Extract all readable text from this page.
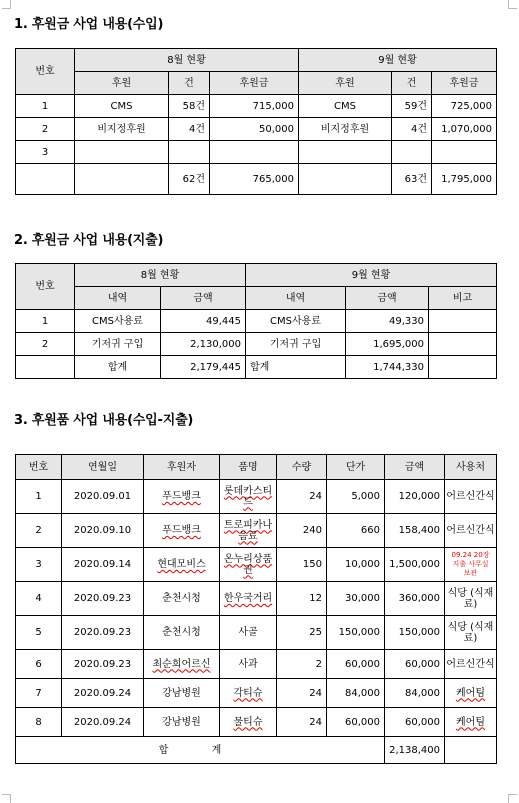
1. 후원금 사업 내용(수입)
번호	8월 현황			9월 현황		
	후원	건	후원금	후원	건	후원금
1	CMS	58건	715,000	CMS	59건	725,000
2	비지정후원	4건	50,000	비지정후원	4건	1,070,000
3						
		62건	765,000		63건	1,795,000
2. 후원금 사업 내용(지출)
번호	8월 현황		9월 현황		
	내역	금액	내역	금액	비고
1	CMS사용료	49,445	CMS사용료	49,330	
2	기저귀 구입	2,130,000	기저귀 구입	1,695,000	
	합계	2,179,445	합계	1,744,330	
3. 후원품 사업 내용(수입-지출)
번호	연월일	후원자	품명	수량	단가	금액	사용처
1	2020.09.01	푸드뱅크	롯데카스티드	24	5,000	120,000	어르신간식
2	2020.09.10	푸드뱅크	트로피카나음료	240	660	158,400	어르신간식
3	2020.09.14	현대모비스	온누리상품권	150	10,000	1,500,000	09.24 20장 지출 사무실 보관
4	2020.09.23	춘천시청	한우국거리	12	30,000	360,000	식당 (식재료)
5	2020.09.23	춘천시청	사골	25	150,000	150,000	식당 (식재료)
6	2020.09.23	최순희어르신	사과	2	60,000	60,000	어르신간식
7	2020.09.24	강남병원	각티슈	24	84,000	84,000	케어팀
8	2020.09.24	강남병원	물티슈	24	60,000	60,000	케어팀
합 계						2,138,400	
